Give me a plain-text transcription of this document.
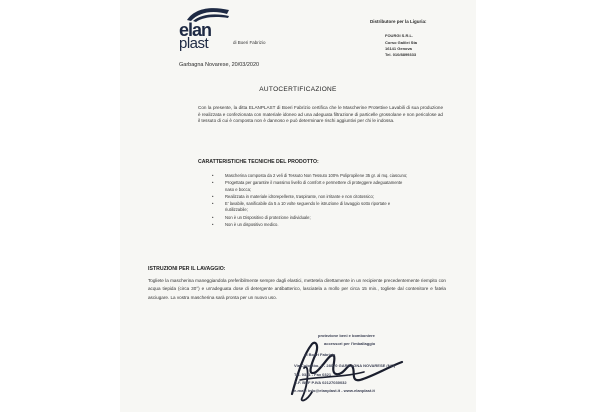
elan
plast	di Boeri Fabrizio
Distributore per la Liguria:
FOURGI S.R.L.
Corso Galilei Sta
16141 Genova
Tel. 010/8899333
Garbagna Novarese, 20/03/2020
AUTOCERTIFICAZIONE
Con la presente, la ditta ELANPLAST di Boeri Fabrizio certifica che le Mascherine Protettive Lavabili di sua produzione è realizzata e confezionata con materiale idoneo ad una adeguata filtrazione di particelle grossolane e non pericolose ad il tessuto di cui è composta non è dannoso e può determinare rischi aggiuntivi per chi le indossa.
CARATTERISTICHE TECNICHE DEL PRODOTTO:
•	Mascherina composta da 2 veli di Tessuto Non Tessuto 100% Polipropilene 35 gr. al mq. ciascuno;
•	Progettata per garantire il massimo livello di comfort e permettere di proteggere adeguatamente naso e bocca;
•	Realizzata in materiale idrorepellente, traspirante, non irritante e non citotossico;
•	E' lavabile, sanificabile da 5 a 10 volte seguendo le istruzione di lavaggio sotto riportate e riutilizzabile;
•	Non è un Dispositivo di protezione individuale;
•	Non è un dispositivo medico.
ISTRUZIONI PER IL LAVAGGIO:
Togliete la mascherina maneggiandola preferibilmente sempre dagli elastici, mettetela direttamente in un recipiente precedentemente riempito con acqua tiepida (circa 30°) e un'adeguata dose di detergente antibatterico, lasciatela a mollo per circa 15 min., togliete dal contenitore e fatela asciugare. La vostra mascherina sarà pronta per un nuovo uso.
protezione beni e bomboniere
accessori per l'imballaggio
di Boeri Fabrizio
Via Colombo, 1 - 28070 GARBAGNA NOVARESE (NO)
Tel. 0321 - Fax 0321
C.F. BRF P.IVA 02127030032
e-mail: info@elanplast.it - www.elanplast.it
